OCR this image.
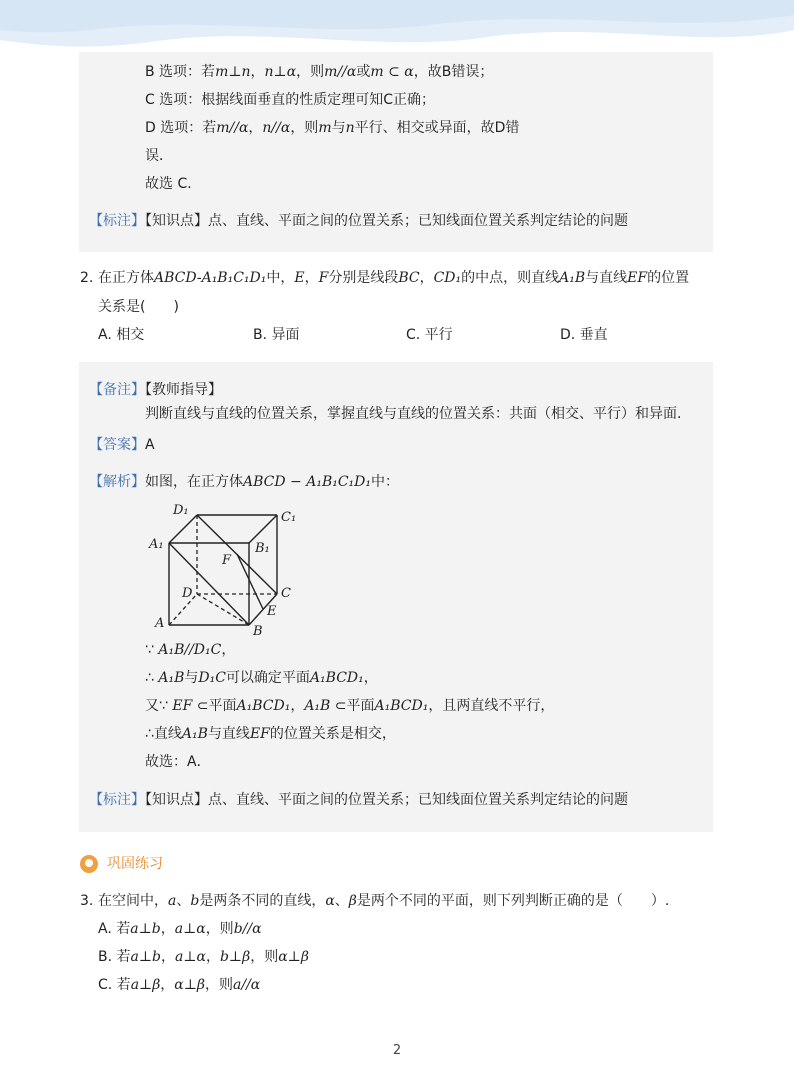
B 选项：若m⊥n，n⊥α，则m//α或m ⊂ α，故B错误；
C 选项：根据线面垂直的性质定理可知C正确；
D 选项：若m//α，n//α，则m与n平行、相交或异面，故D错
误．
故选 C．
【标注】【知识点】点、直线、平面之间的位置关系；已知线面位置关系判定结论的问题
2. 在正方体ABCD-A₁B₁C₁D₁中，E，F分别是线段BC，CD₁的中点，则直线A₁B与直线EF的位置
关系是(　　)
A. 相交	B. 异面	C. 平行	D. 垂直
【备注】【教师指导】
判断直线与直线的位置关系，掌握直线与直线的位置关系：共面（相交、平行）和异面.
【答案】A
【解析】如图，在正方体ABCD − A₁B₁C₁D₁中：
D₁	C₁
A₁	B₁
F
D	C
E
A
B
∵ A₁B//D₁C，
∴ A₁B与D₁C可以确定平面A₁BCD₁，
又∵ EF ⊂平面A₁BCD₁，A₁B ⊂平面A₁BCD₁，且两直线不平行，
∴直线A₁B与直线EF的位置关系是相交，
故选：A．
【标注】【知识点】点、直线、平面之间的位置关系；已知线面位置关系判定结论的问题
巩固练习
3. 在空间中，a、b是两条不同的直线，α、β是两个不同的平面，则下列判断正确的是（　　）.
A. 若a⊥b，a⊥α，则b//α
B. 若a⊥b，a⊥α，b⊥β，则α⊥β
C. 若a⊥β，α⊥β，则a//α
2
